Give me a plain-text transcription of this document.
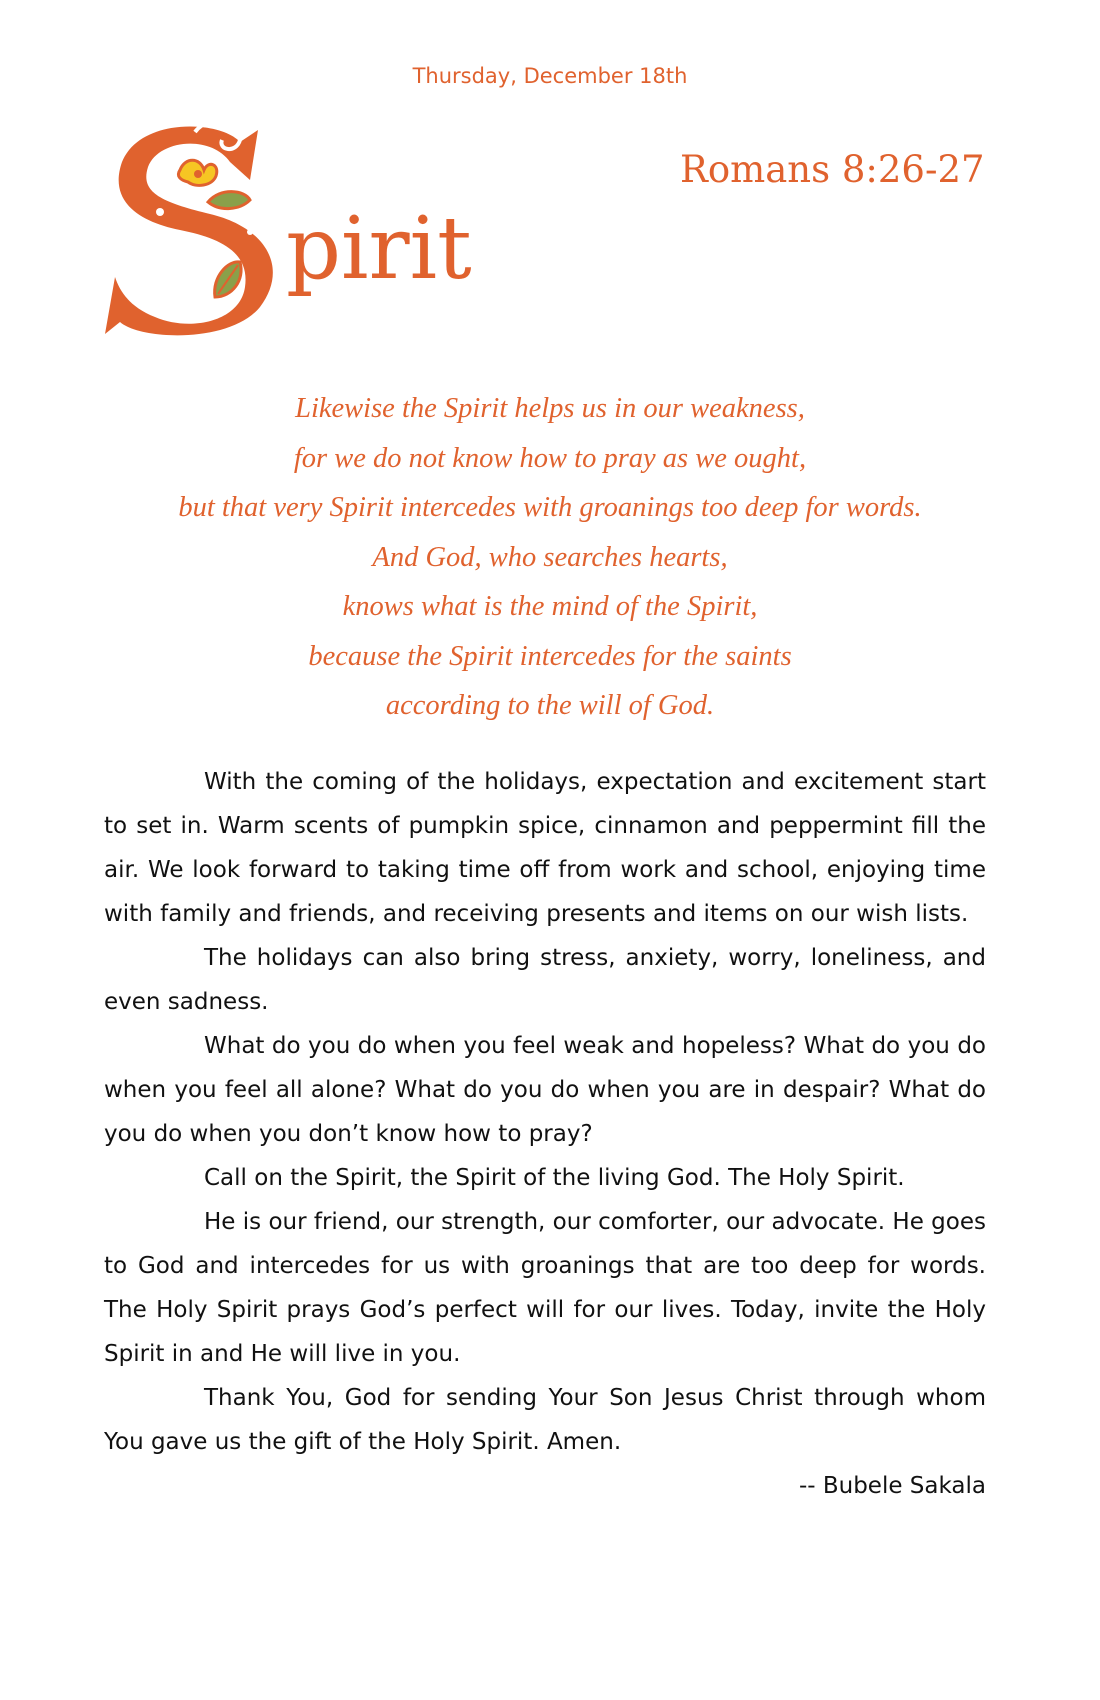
Thursday, December 18th
pirit
Romans 8:26-27
Likewise the Spirit helps us in our weakness,
for we do not know how to pray as we ought,
but that very Spirit intercedes with groanings too deep for words.
And God, who searches hearts,
knows what is the mind of the Spirit,
because the Spirit intercedes for the saints
according to the will of God.

With the coming of the holidays, expectation and excitement start to set in. Warm scents of pumpkin spice, cinnamon and peppermint fill the air. We look forward to taking time off from work and school, enjoying time with family and friends, and receiving presents and items on our wish lists.

The holidays can also bring stress, anxiety, worry, loneliness, and even sadness.

What do you do when you feel weak and hopeless? What do you do when you feel all alone? What do you do when you are in despair? What do you do when you don’t know how to pray?

Call on the Spirit, the Spirit of the living God. The Holy Spirit.

He is our friend, our strength, our comforter, our advocate. He goes to God and intercedes for us with groanings that are too deep for words. The Holy Spirit prays God’s perfect will for our lives. Today, invite the Holy Spirit in and He will live in you.

Thank You, God for sending Your Son Jesus Christ through whom You gave us the gift of the Holy Spirit. Amen.

-- Bubele Sakala
